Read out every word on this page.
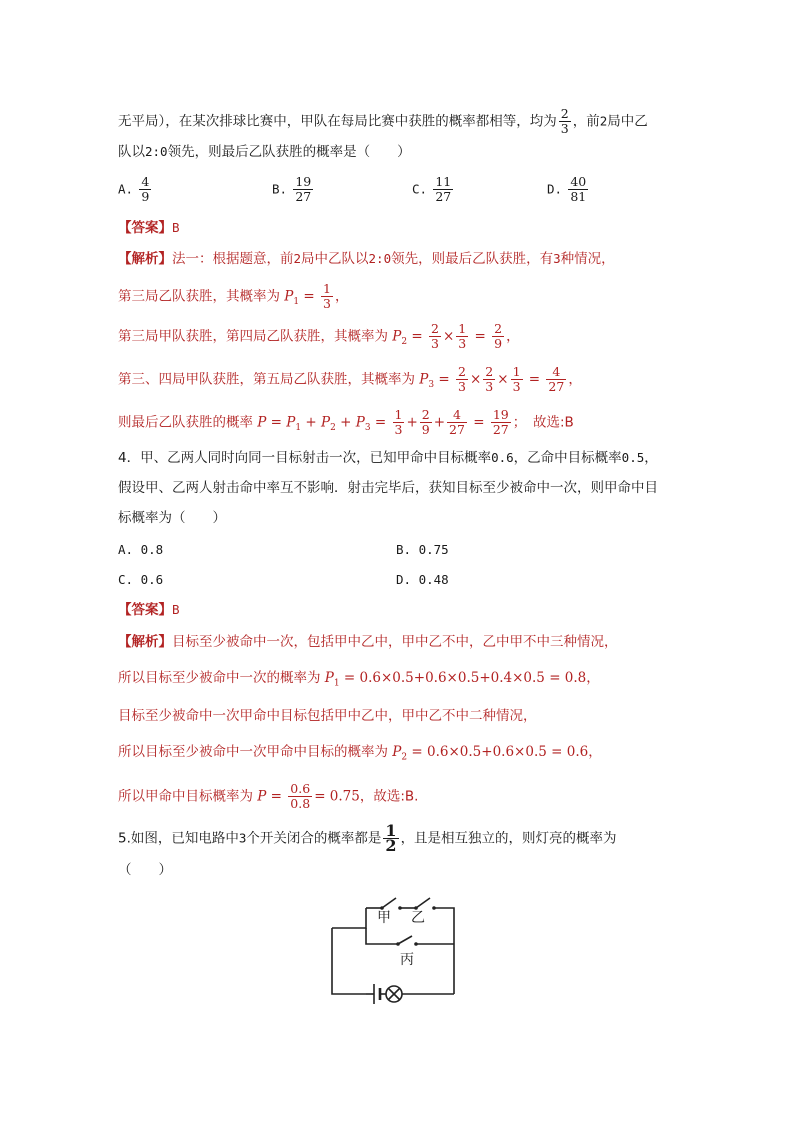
无平局），在某次排球比赛中，甲队在每局比赛中获胜的概率都相等，均为 $\frac{2}{3}$ ，前2局中乙
队以2:0领先，则最后乙队获胜的概率是（　　）
A. $\frac{4}{9}$	B. $\frac{19}{27}$	C. $\frac{11}{27}$	D. $\frac{40}{81}$
【答案】B
【解析】法一：根据题意，前2局中乙队以2:0领先，则最后乙队获胜，有3种情况，
第三局乙队获胜，其概率为 $P_1 = \frac{1}{3}$ ，
第三局甲队获胜，第四局乙队获胜，其概率为 $P_2 = \frac{2}{3} \times \frac{1}{3} = \frac{2}{9}$ ，
第三、四局甲队获胜，第五局乙队获胜，其概率为 $P_3 = \frac{2}{3} \times \frac{2}{3} \times \frac{1}{3} = \frac{4}{27}$ ，
则最后乙队获胜的概率 $P = P_1 + P_2 + P_3 = \frac{1}{3} + \frac{2}{9} + \frac{4}{27} = \frac{19}{27}$ ；　故选:B
4．甲、乙两人同时向同一目标射击一次，已知甲命中目标概率0.6，乙命中目标概率0.5，
假设甲、乙两人射击命中率互不影响．射击完毕后，获知目标至少被命中一次，则甲命中目
标概率为（　　）
A. 0.8	B. 0.75
C. 0.6	D. 0.48
【答案】B
【解析】目标至少被命中一次，包括甲中乙中，甲中乙不中，乙中甲不中三种情况，
所以目标至少被命中一次的概率为 $P_1 = 0.6\times 0.5+0.6\times 0.5+0.4\times 0.5 = 0.8$，
目标至少被命中一次甲命中目标包括甲中乙中，甲中乙不中二种情况，
所以目标至少被命中一次甲命中目标的概率为 $P_2 = 0.6\times 0.5+0.6\times 0.5 = 0.6$，
所以甲命中目标概率为 $P = \frac{0.6}{0.8} = 0.75$，故选:B.
5.如图，已知电路中3个开关闭合的概率都是 $\frac{1}{2}$ ，且是相互独立的，则灯亮的概率为
（　　）
甲 乙
丙
